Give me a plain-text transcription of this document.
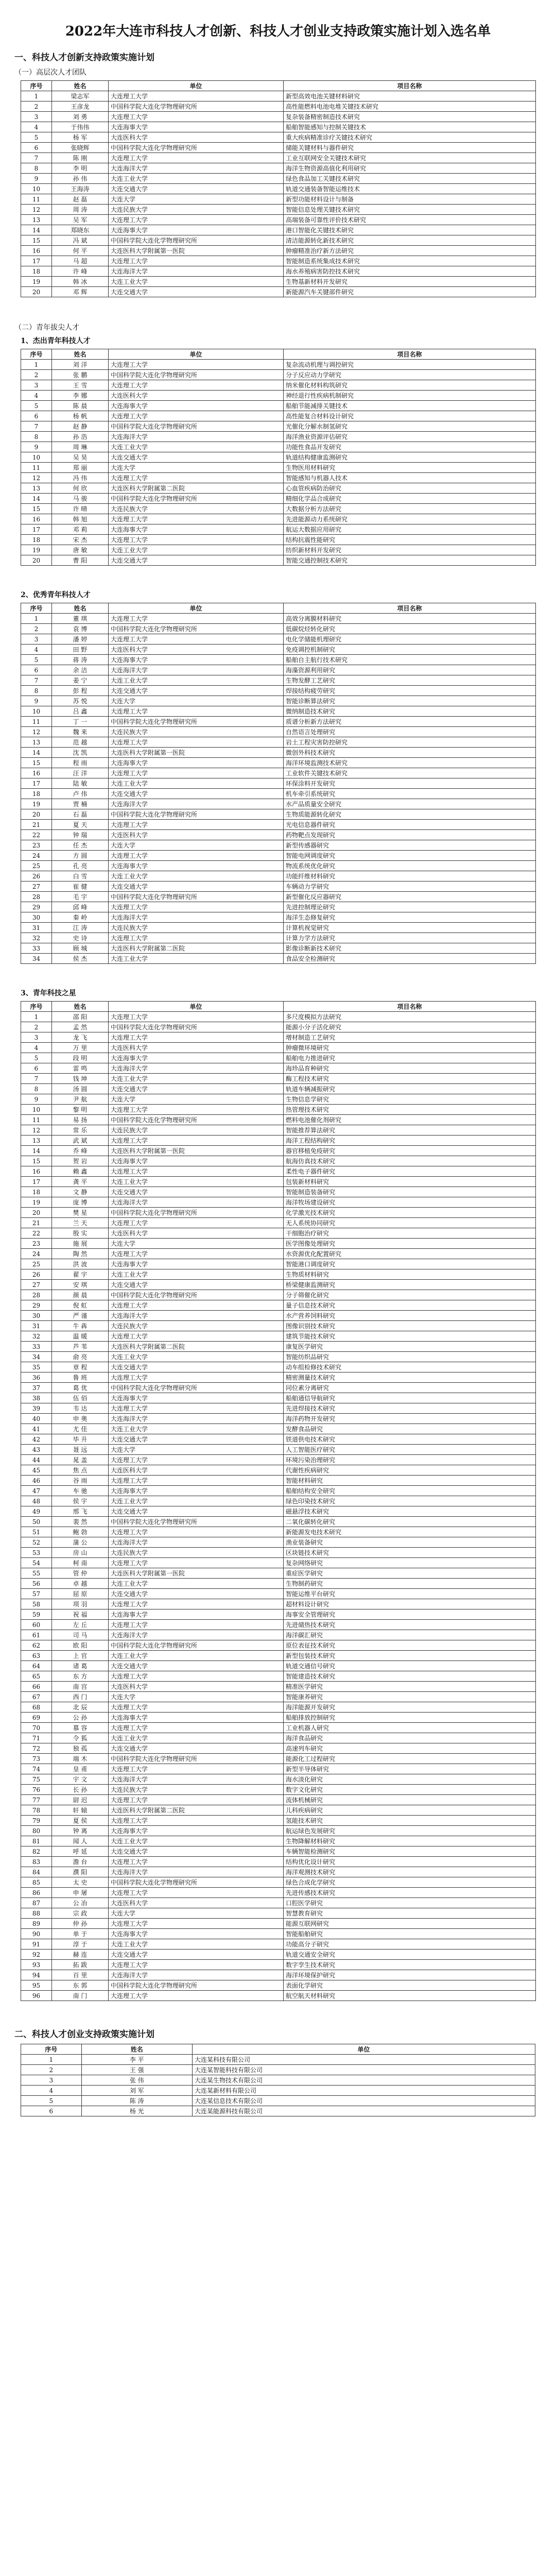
2022年大连市科技人才创新、科技人才创业支持政策实施计划入选名单
一、科技人才创新支持政策实施计划
（一）高层次人才团队
序号	姓名	单位	项目名称
1	梁志军	大连理工大学	新型高效电池关键材料研究
2	王彦龙	中国科学院大连化学物理研究所	高性能燃料电池电堆关键技术研究
3	刘 勇	大连理工大学	复杂装备精密制造技术研究
4	于伟伟	大连海事大学	船舶智能感知与控制关键技术
5	杨 军	大连医科大学	重大疾病精准诊疗关键技术研究
6	张晓辉	中国科学院大连化学物理研究所	储能关键材料与器件研究
7	陈 刚	大连理工大学	工业互联网安全关键技术研究
8	李 明	大连海洋大学	海洋生物资源高值化利用研究
9	孙 伟	大连工业大学	绿色食品加工关键技术研究
10	王海涛	大连交通大学	轨道交通装备智能运维技术
11	赵 磊	大连大学	新型功能材料设计与制备
12	周 涛	大连民族大学	智能信息处理关键技术研究
13	吴 军	大连理工大学	高端装备可靠性评价技术研究
14	郑晓东	大连海事大学	港口智能化关键技术研究
15	冯 斌	中国科学院大连化学物理研究所	清洁能源转化新技术研究
16	何 平	大连医科大学附属第一医院	肿瘤精准治疗新方法研究
17	马 超	大连理工大学	智能制造系统集成技术研究
18	许 峰	大连海洋大学	海水养殖病害防控技术研究
19	韩 冰	大连工业大学	生物基新材料开发研究
20	邓 辉	大连交通大学	新能源汽车关键部件研究
（二）青年拔尖人才
1、杰出青年科技人才
序号	姓名	单位	项目名称
1	刘 洋	大连理工大学	复杂流动机理与调控研究
2	张 鹏	中国科学院大连化学物理研究所	分子反应动力学研究
3	王 雪	大连理工大学	纳米催化材料构筑研究
4	李 娜	大连医科大学	神经退行性疾病机制研究
5	陈 晨	大连海事大学	船舶节能减排关键技术
6	杨 帆	大连理工大学	高性能复合材料设计研究
7	赵 静	中国科学院大连化学物理研究所	光催化分解水制氢研究
8	孙 浩	大连海洋大学	海洋渔业资源评估研究
9	周 琳	大连工业大学	功能性食品开发研究
10	吴 昊	大连交通大学	轨道结构健康监测研究
11	郑 丽	大连大学	生物医用材料研究
12	冯 伟	大连理工大学	智能感知与机器人技术
13	何 欣	大连医科大学附属第二医院	心血管疾病防治研究
14	马 骏	中国科学院大连化学物理研究所	精细化学品合成研究
15	许 晴	大连民族大学	大数据分析方法研究
16	韩 旭	大连理工大学	先进能源动力系统研究
17	邓 莉	大连海事大学	航运大数据应用研究
18	宋 杰	大连理工大学	结构抗震性能研究
19	唐 敏	大连工业大学	纺织新材料开发研究
20	曹 阳	大连交通大学	智能交通控制技术研究
2、优秀青年科技人才
序号	姓名	单位	项目名称
1	董 琪	大连理工大学	高效分离膜材料研究
2	袁 博	中国科学院大连化学物理研究所	低碳烷烃转化研究
3	潘 婷	大连理工大学	电化学储能机理研究
4	田 野	大连医科大学	免疫调控机制研究
5	蒋 涛	大连海事大学	船舶自主航行技术研究
6	余 洁	大连海洋大学	海藻资源利用研究
7	姜 宁	大连工业大学	生物发酵工艺研究
8	彭 程	大连交通大学	焊接结构疲劳研究
9	苏 悦	大连大学	智能诊断算法研究
10	吕 鑫	大连理工大学	微纳制造技术研究
11	丁 一	中国科学院大连化学物理研究所	质谱分析新方法研究
12	魏 来	大连民族大学	自然语言处理研究
13	范 越	大连理工大学	岩土工程灾害防控研究
14	沈 凯	大连医科大学附属第一医院	微创外科技术研究
15	程 雨	大连海事大学	海洋环境监测技术研究
16	汪 洋	大连理工大学	工业软件关键技术研究
17	陆 敏	大连工业大学	环保涂料开发研究
18	卢 伟	大连交通大学	机车牵引系统研究
19	贾 楠	大连海洋大学	水产品质量安全研究
20	石 磊	中国科学院大连化学物理研究所	生物质能源转化研究
21	夏 天	大连理工大学	光电信息器件研究
22	钟 瑞	大连医科大学	药物靶点发现研究
23	任 杰	大连大学	新型传感器研究
24	方 圆	大连理工大学	智能电网调度研究
25	孔 亮	大连海事大学	物流系统优化研究
26	白 雪	大连工业大学	功能纤维材料研究
27	崔 健	大连交通大学	车辆动力学研究
28	毛 宇	中国科学院大连化学物理研究所	新型催化反应器研究
29	邱 峰	大连理工大学	先进控制理论研究
30	秦 岭	大连海洋大学	海洋生态修复研究
31	江 涛	大连民族大学	计算机视觉研究
32	史 诗	大连理工大学	计算力学方法研究
33	顾 城	大连医科大学附属第二医院	影像诊断新技术研究
34	侯 杰	大连工业大学	食品安全检测研究
3、青年科技之星
序号	姓名	单位	项目名称
1	邵 阳	大连理工大学	多尺度模拟方法研究
2	孟 然	中国科学院大连化学物理研究所	能源小分子活化研究
3	龙 飞	大连理工大学	增材制造工艺研究
4	万 里	大连医科大学	肿瘤微环境研究
5	段 明	大连海事大学	船舶电力推进研究
6	雷 鸣	大连海洋大学	海珍品育种研究
7	钱 坤	大连工业大学	酶工程技术研究
8	汤 圆	大连交通大学	轨道车辆减振研究
9	尹 航	大连大学	生物信息学研究
10	黎 明	大连理工大学	热管理技术研究
11	易 扬	中国科学院大连化学物理研究所	燃料电池催化剂研究
12	常 乐	大连民族大学	智能推荐算法研究
13	武 斌	大连理工大学	海洋工程结构研究
14	乔 峰	大连医科大学附属第一医院	器官移植免疫研究
15	贺 岩	大连海事大学	航海仿真技术研究
16	赖 鑫	大连理工大学	柔性电子器件研究
17	龚 平	大连工业大学	包装新材料研究
18	文 静	大连交通大学	智能制造装备研究
19	庞 博	大连海洋大学	海洋牧场建设研究
20	樊 星	中国科学院大连化学物理研究所	化学激光技术研究
21	兰 天	大连理工大学	无人系统协同研究
22	殷 实	大连医科大学	干细胞治疗研究
23	施 展	大连大学	医学图像处理研究
24	陶 然	大连理工大学	水资源优化配置研究
25	洪 波	大连海事大学	智能港口调度研究
26	翟 宇	大连工业大学	生物质材料研究
27	安 琪	大连交通大学	桥梁健康监测研究
28	颜 晨	中国科学院大连化学物理研究所	分子筛催化研究
29	倪 虹	大连理工大学	量子信息技术研究
30	严 谨	大连海洋大学	水产营养饲料研究
31	牛 犇	大连民族大学	图像识别技术研究
32	温 暖	大连理工大学	建筑节能技术研究
33	芦 苇	大连医科大学附属第二医院	康复医学研究
34	俞 亮	大连工业大学	智能纺织品研究
35	章 程	大连交通大学	动车组检修技术研究
36	鲁 班	大连理工大学	精密测量技术研究
37	葛 优	中国科学院大连化学物理研究所	同位素分离研究
38	伍 佰	大连海事大学	船舶通信导航研究
39	韦 达	大连理工大学	先进焊接技术研究
40	申 奥	大连海洋大学	海洋药物开发研究
41	尤 佳	大连工业大学	发酵食品研究
42	毕 升	大连交通大学	铁道供电技术研究
43	聂 远	大连大学	人工智能医疗研究
44	晁 盖	大连理工大学	环境污染治理研究
45	焦 点	大连医科大学	代谢性疾病研究
46	谷 雨	大连理工大学	智能材料研究
47	车 驰	大连海事大学	船舶结构安全研究
48	侯 宇	大连工业大学	绿色印染技术研究
49	邢 飞	大连交通大学	磁悬浮技术研究
50	裴 然	中国科学院大连化学物理研究所	二氧化碳转化研究
51	鲍 勃	大连理工大学	新能源发电技术研究
52	蒲 公	大连海洋大学	渔业装备研究
53	房 山	大连民族大学	区块链技术研究
54	柯 南	大连理工大学	复杂网络研究
55	管 仲	大连医科大学附属第一医院	重症医学研究
56	卓 越	大连工业大学	生物制药研究
57	屈 原	大连交通大学	智能运维平台研究
58	项 羽	大连理工大学	超材料设计研究
59	祝 福	大连海事大学	海事安全管理研究
60	左 丘	大连理工大学	先进储热技术研究
61	司 马	大连海洋大学	海洋碳汇研究
62	欧 阳	中国科学院大连化学物理研究所	原位表征技术研究
63	上 官	大连工业大学	新型包装技术研究
64	诸 葛	大连交通大学	轨道交通信号研究
65	东 方	大连理工大学	智能建造技术研究
66	南 宫	大连医科大学	精准医学研究
67	西 门	大连大学	智能康养研究
68	北 辰	大连理工大学	海洋能源开发研究
69	公 孙	大连海事大学	船舶排放控制研究
70	慕 容	大连理工大学	工业机器人研究
71	令 狐	大连工业大学	海洋食品研究
72	独 孤	大连交通大学	高速列车研究
73	端 木	中国科学院大连化学物理研究所	能源化工过程研究
74	皇 甫	大连理工大学	新型半导体研究
75	宇 文	大连海洋大学	海水淡化研究
76	长 孙	大连民族大学	数字文化研究
77	尉 迟	大连理工大学	流体机械研究
78	轩 辕	大连医科大学附属第二医院	儿科疾病研究
79	夏 侯	大连理工大学	氢能技术研究
80	钟 离	大连海事大学	航运绿色发展研究
81	闻 人	大连工业大学	生物降解材料研究
82	呼 延	大连交通大学	车辆智能检测研究
83	澹 台	大连理工大学	结构优化设计研究
84	濮 阳	大连海洋大学	海洋观测技术研究
85	太 史	中国科学院大连化学物理研究所	绿色合成化学研究
86	申 屠	大连理工大学	先进传感技术研究
87	公 冶	大连医科大学	口腔医学研究
88	宗 政	大连大学	智慧教育研究
89	仲 孙	大连理工大学	能源互联网研究
90	单 于	大连海事大学	智能船舶研究
91	淳 于	大连工业大学	功能高分子研究
92	赫 连	大连交通大学	轨道交通安全研究
93	拓 跋	大连理工大学	数字孪生技术研究
94	百 里	大连海洋大学	海洋环境保护研究
95	东 郭	中国科学院大连化学物理研究所	表面化学研究
96	南 门	大连理工大学	航空航天材料研究
二、科技人才创业支持政策实施计划
序号	姓名	单位
1	李 平	大连某科技有限公司
2	王 强	大连某智能科技有限公司
3	张 伟	大连某生物技术有限公司
4	刘 军	大连某新材料有限公司
5	陈 涛	大连某信息技术有限公司
6	杨 光	大连某能源科技有限公司
